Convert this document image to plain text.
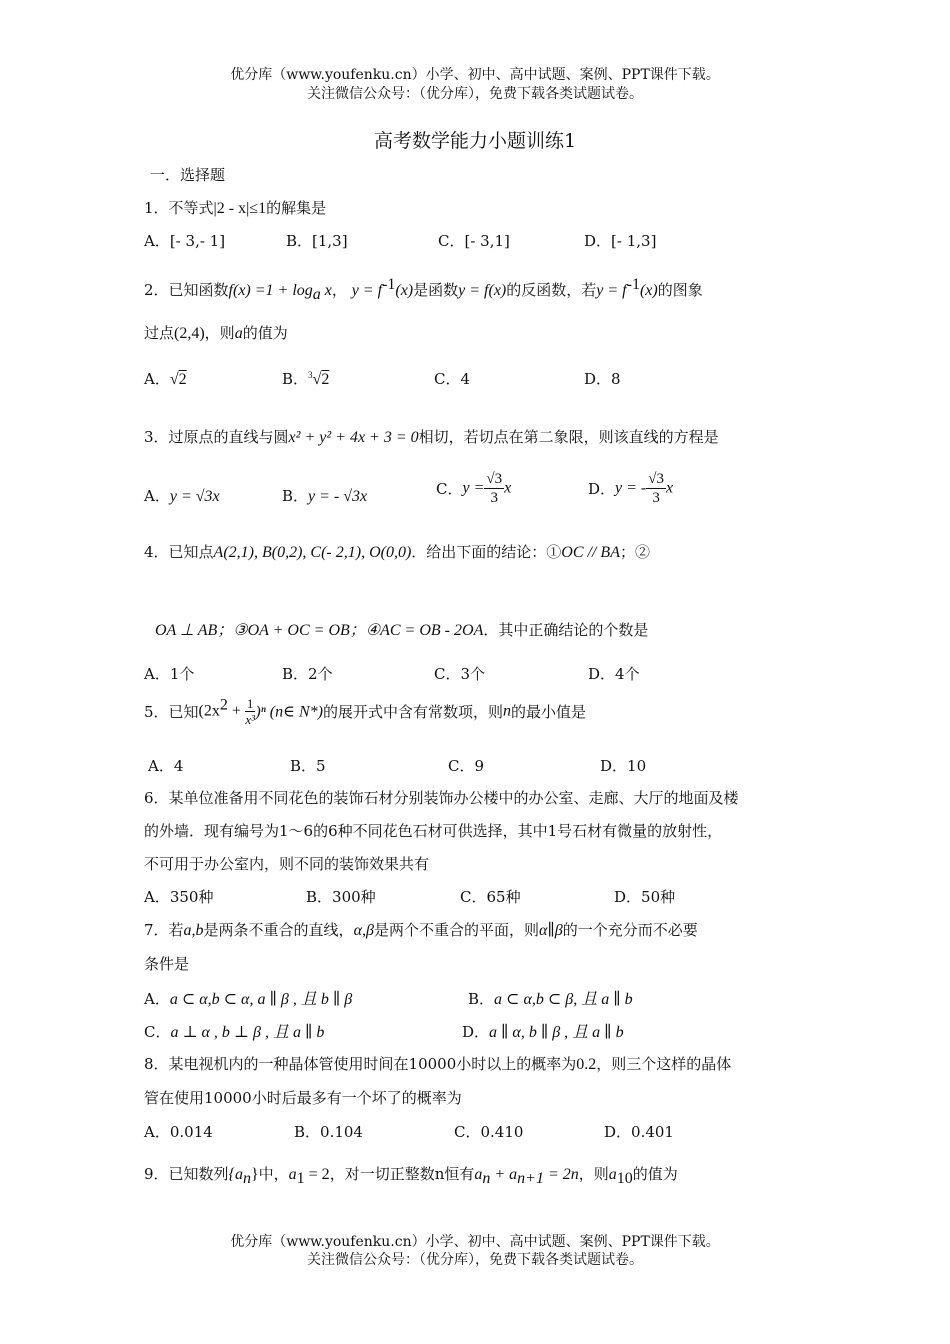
优分库（www.youfenku.cn）小学、初中、高中试题、案例、PPT课件下载。
关注微信公众号：（优分库），免费下载各类试题试卷。
高考数学能力小题训练1
一．选择题
1．不等式|2 - x|≤1的解集是
A．[- 3,- 1]	B．[1,3]	C．[- 3,1]	D．[- 1,3]
2．已知函数$f(x) =1 + \log_a x$， $y = f^{-1}(x)$是函数y = f(x)的反函数，若$y = f^{-1}(x)$的图象
过点(2,4)，则a的值为
A．√2	B．$^3$√2	C．4	D．8
3．过原点的直线与圆x² + y² + 4x + 3 = 0相切，若切点在第二象限，则该直线的方程是
A．y = √3x	B．y = - √3x	C．$y = \frac{√3}{3}$ x	D．y = - $\frac{√3}{3}$ x
4．已知点A(2,1), B(0,2), C(- 2,1), O(0,0)．给出下面的结论：①OC // BA；②
OA ⊥ AB；③OA + OC = OB；④AC = OB - 2OA．其中正确结论的个数是
A．1个	B．2个	C．3个	D．4个
5．已知$(2x^2 + \frac{1}{\text{x³}} )^n$ (n∈ N*)的展开式中含有常数项，则n的最小值是
A．4	B．5	C．9	D．10
6．某单位准备用不同花色的装饰石材分别装饰办公楼中的办公室、走廊、大厅的地面及楼
的外墙．现有编号为1～6的6种不同花色石材可供选择，其中1号石材有微量的放射性，
不可用于办公室内，则不同的装饰效果共有
A．350种	B．300种	C．65种	D．50种
7．若a,b是两条不重合的直线，α,β是两个不重合的平面，则α∥β的一个充分而不必要
条件是
A．a ⊂ α,b ⊂ α, a ∥ β , 且 b ∥ β	B．a ⊂ α,b ⊂ β, 且 a ∥ b
C．a ⊥ α , b ⊥ β , 且 a ∥ b	D．a ∥ α, b ∥ β , 且 a ∥ b
8．某电视机内的一种晶体管使用时间在10000小时以上的概率为0.2，则三个这样的晶体
管在使用10000小时后最多有一个坏了的概率为
A．0.014	B．0.104	C．0.410	D．0.401
9．已知数列$\{a_n\}$中，$a_1 = 2$，对一切正整数n恒有$a_n + a_{n+1} = 2n$，则$a_{10}$的值为
优分库（www.youfenku.cn）小学、初中、高中试题、案例、PPT课件下载。
关注微信公众号：（优分库），免费下载各类试题试卷。
